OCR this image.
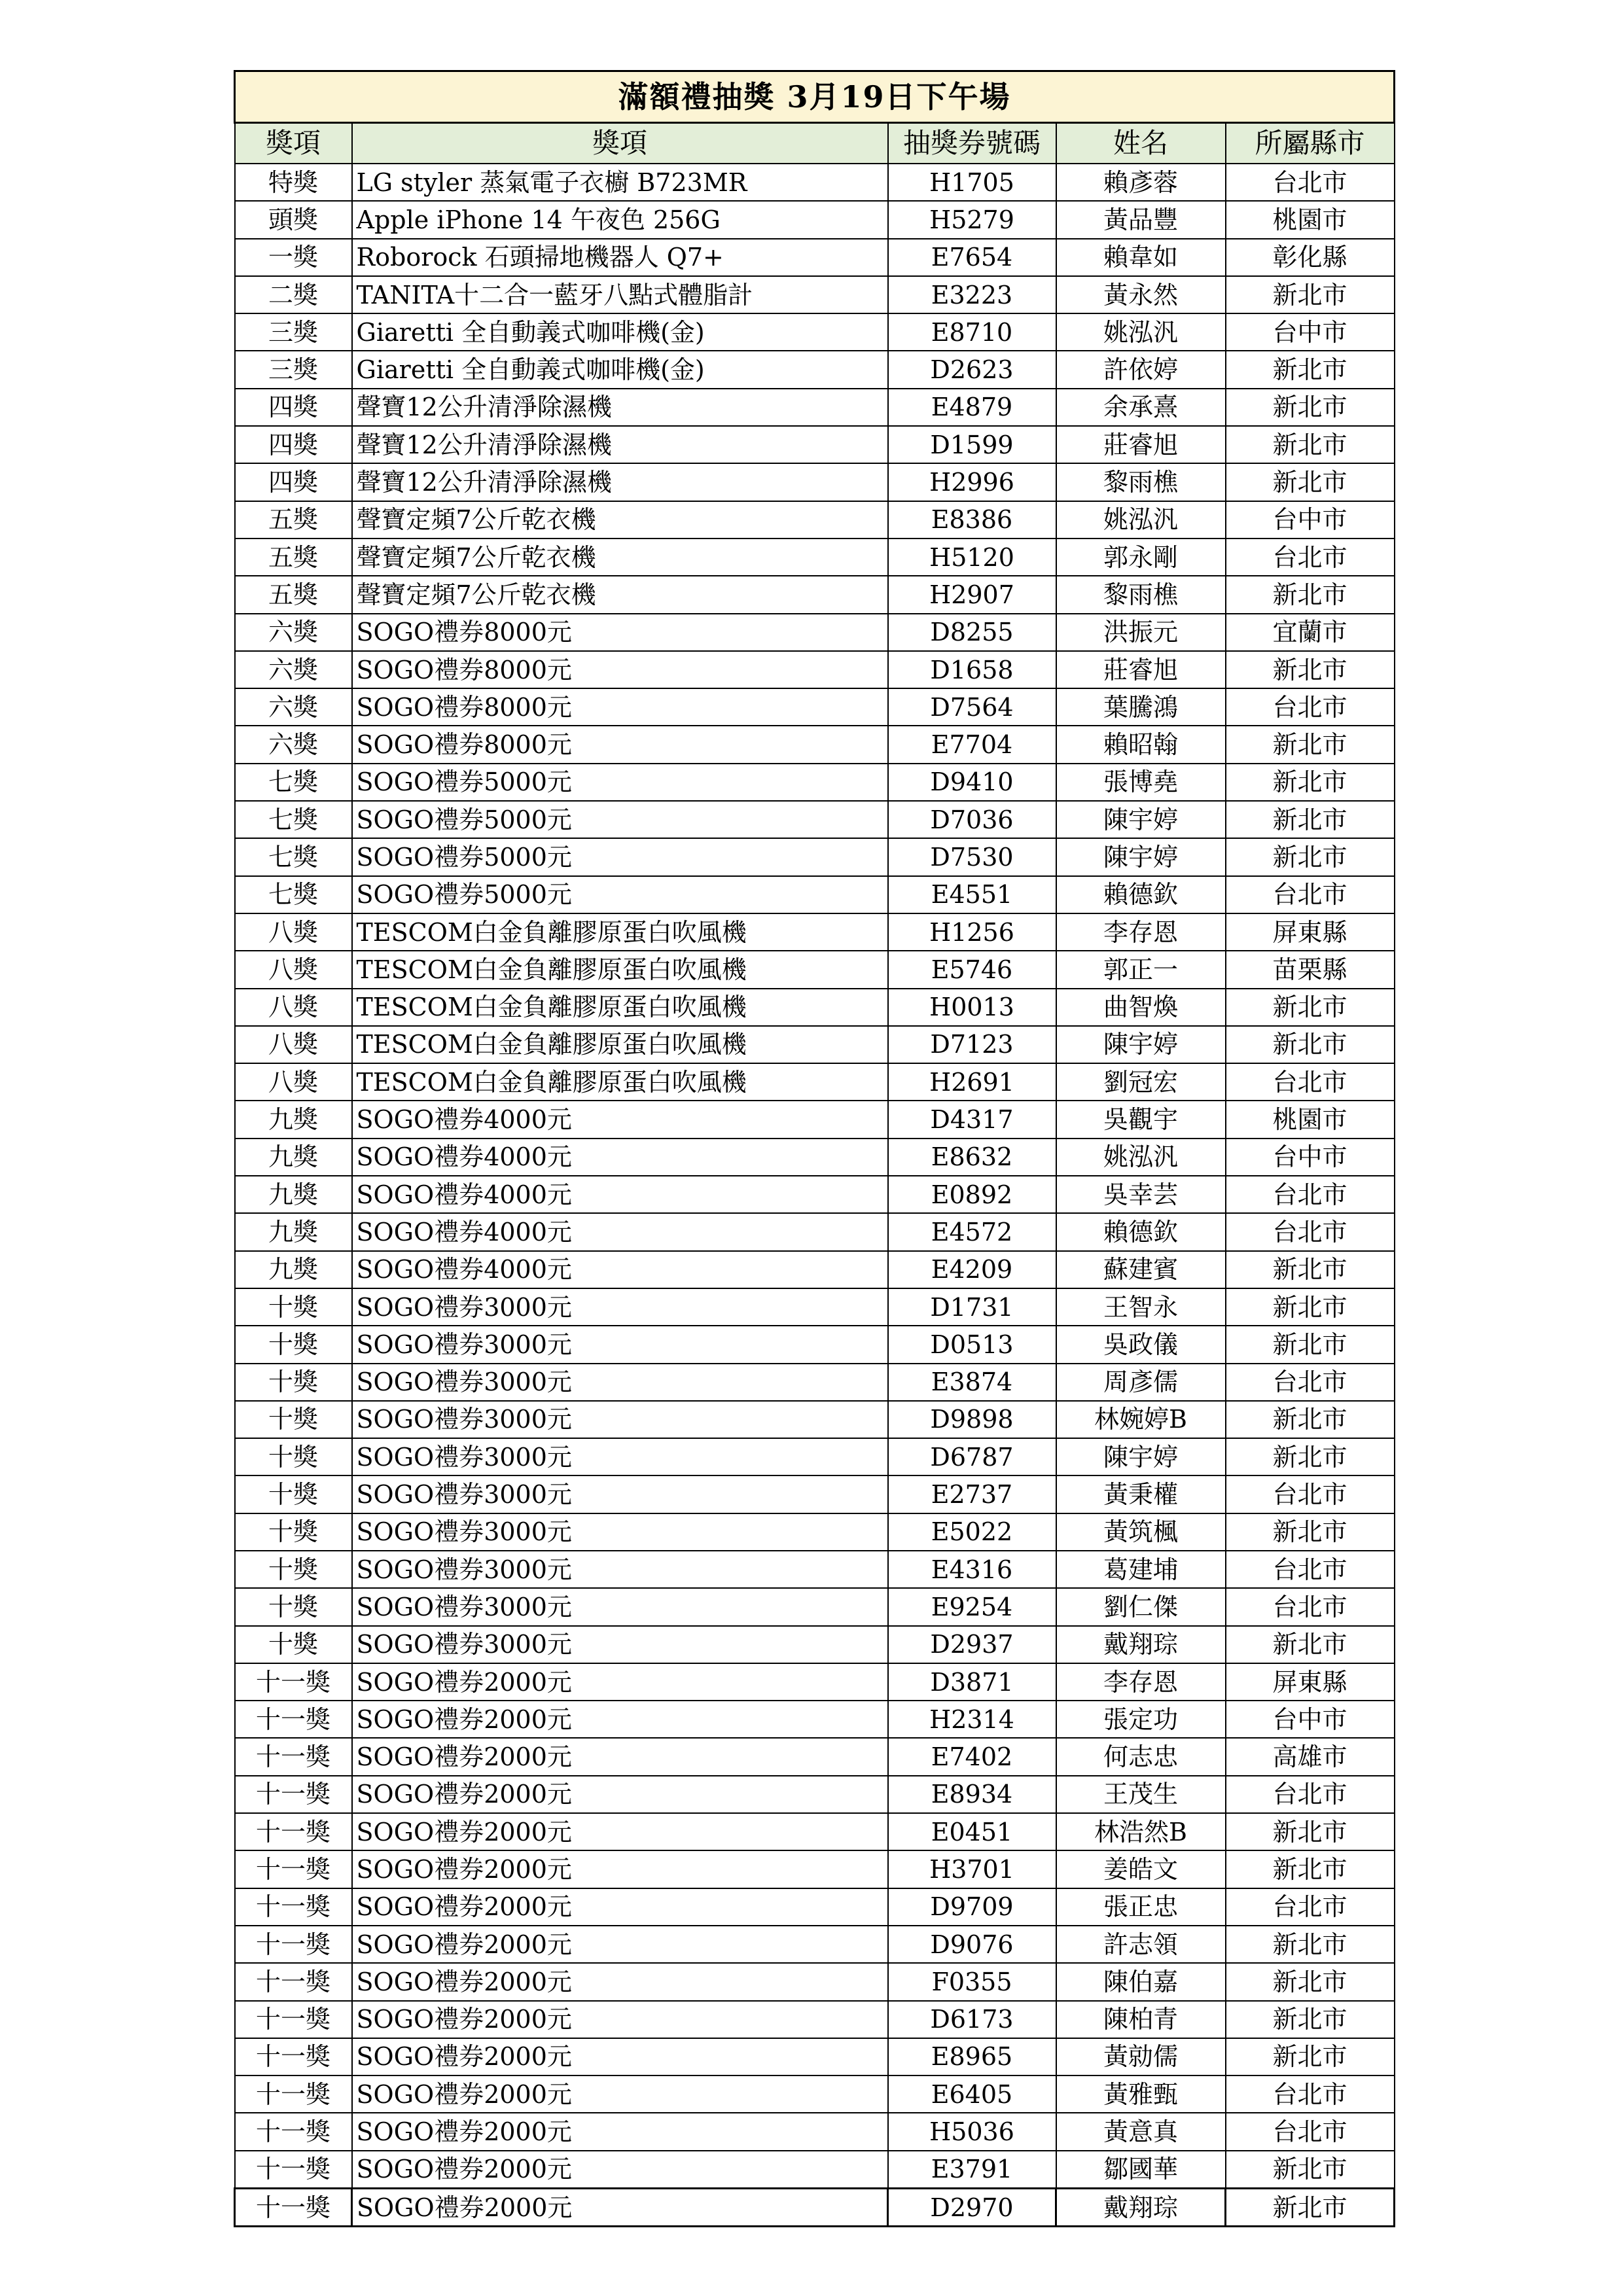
滿額禮抽獎 3月19日下午場				
獎項	獎項	抽獎券號碼	姓名	所屬縣市
特獎	LG styler 蒸氣電子衣櫥 B723MR	H1705	賴彥蓉	台北市
頭獎	Apple iPhone 14 午夜色 256G	H5279	黃品豐	桃園市
一獎	Roborock 石頭掃地機器人 Q7+	E7654	賴韋如	彰化縣
二獎	TANITA十二合一藍牙八點式體脂計	E3223	黃永然	新北市
三獎	Giaretti 全自動義式咖啡機(金)	E8710	姚泓汎	台中市
三獎	Giaretti 全自動義式咖啡機(金)	D2623	許依婷	新北市
四獎	聲寶12公升清淨除濕機	E4879	余承熹	新北市
四獎	聲寶12公升清淨除濕機	D1599	莊睿旭	新北市
四獎	聲寶12公升清淨除濕機	H2996	黎雨樵	新北市
五獎	聲寶定頻7公斤乾衣機	E8386	姚泓汎	台中市
五獎	聲寶定頻7公斤乾衣機	H5120	郭永剛	台北市
五獎	聲寶定頻7公斤乾衣機	H2907	黎雨樵	新北市
六獎	SOGO禮券8000元	D8255	洪振元	宜蘭市
六獎	SOGO禮券8000元	D1658	莊睿旭	新北市
六獎	SOGO禮券8000元	D7564	葉騰鴻	台北市
六獎	SOGO禮券8000元	E7704	賴昭翰	新北市
七獎	SOGO禮券5000元	D9410	張博堯	新北市
七獎	SOGO禮券5000元	D7036	陳宇婷	新北市
七獎	SOGO禮券5000元	D7530	陳宇婷	新北市
七獎	SOGO禮券5000元	E4551	賴德欽	台北市
八獎	TESCOM白金負離膠原蛋白吹風機	H1256	李存恩	屏東縣
八獎	TESCOM白金負離膠原蛋白吹風機	E5746	郭正一	苗栗縣
八獎	TESCOM白金負離膠原蛋白吹風機	H0013	曲智煥	新北市
八獎	TESCOM白金負離膠原蛋白吹風機	D7123	陳宇婷	新北市
八獎	TESCOM白金負離膠原蛋白吹風機	H2691	劉冠宏	台北市
九獎	SOGO禮券4000元	D4317	吳觀宇	桃園市
九獎	SOGO禮券4000元	E8632	姚泓汎	台中市
九獎	SOGO禮券4000元	E0892	吳幸芸	台北市
九獎	SOGO禮券4000元	E4572	賴德欽	台北市
九獎	SOGO禮券4000元	E4209	蘇建賓	新北市
十獎	SOGO禮券3000元	D1731	王智永	新北市
十獎	SOGO禮券3000元	D0513	吳政儀	新北市
十獎	SOGO禮券3000元	E3874	周彥儒	台北市
十獎	SOGO禮券3000元	D9898	林婉婷B	新北市
十獎	SOGO禮券3000元	D6787	陳宇婷	新北市
十獎	SOGO禮券3000元	E2737	黃秉權	台北市
十獎	SOGO禮券3000元	E5022	黃筑楓	新北市
十獎	SOGO禮券3000元	E4316	葛建埔	台北市
十獎	SOGO禮券3000元	E9254	劉仁傑	台北市
十獎	SOGO禮券3000元	D2937	戴翔琮	新北市
十一獎	SOGO禮券2000元	D3871	李存恩	屏東縣
十一獎	SOGO禮券2000元	H2314	張定功	台中市
十一獎	SOGO禮券2000元	E7402	何志忠	高雄市
十一獎	SOGO禮券2000元	E8934	王茂生	台北市
十一獎	SOGO禮券2000元	E0451	林浩然B	新北市
十一獎	SOGO禮券2000元	H3701	姜皓文	新北市
十一獎	SOGO禮券2000元	D9709	張正忠	台北市
十一獎	SOGO禮券2000元	D9076	許志領	新北市
十一獎	SOGO禮券2000元	F0355	陳伯嘉	新北市
十一獎	SOGO禮券2000元	D6173	陳柏青	新北市
十一獎	SOGO禮券2000元	E8965	黃勍儒	新北市
十一獎	SOGO禮券2000元	E6405	黃雅甄	台北市
十一獎	SOGO禮券2000元	H5036	黃意真	台北市
十一獎	SOGO禮券2000元	E3791	鄒國華	新北市
十一獎	SOGO禮券2000元	D2970	戴翔琮	新北市
